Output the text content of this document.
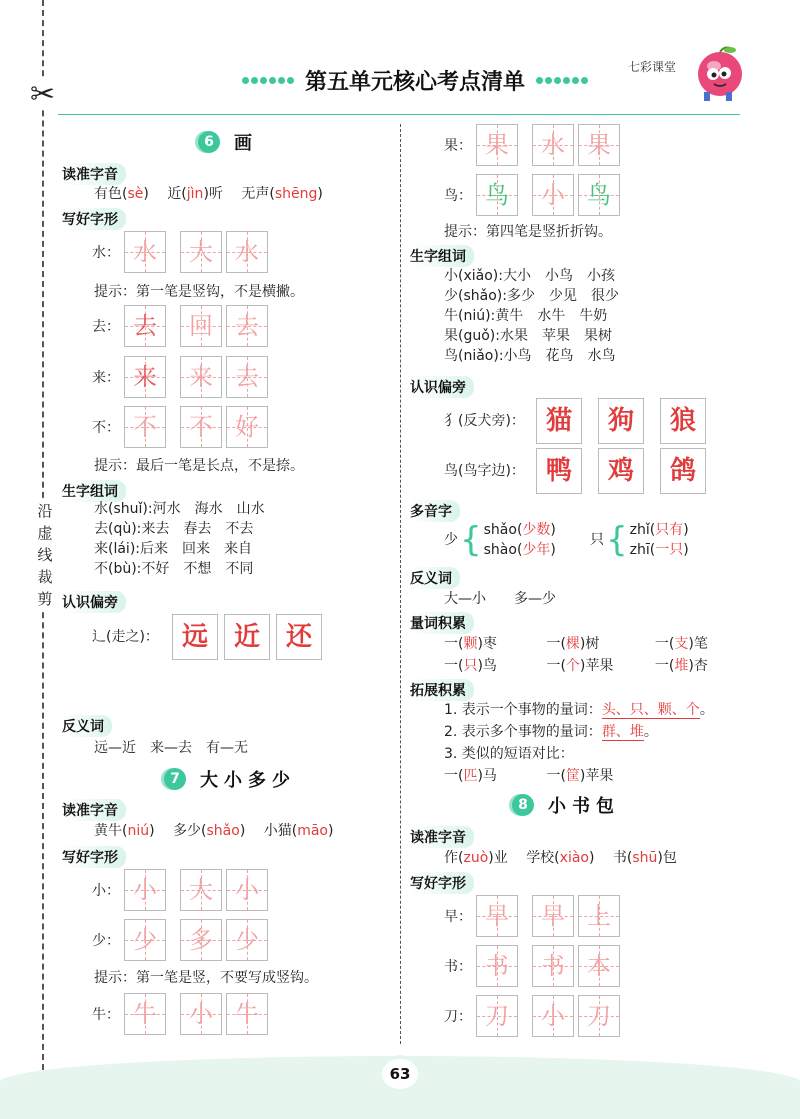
✂
沿
虚
线
裁
剪
第五单元核心考点清单
七彩课堂
6	画
读准字音
有色(sè)　 近(jìn)听　 无声(shēng)
写好字形
水： 水	大 水
提示：第一笔是竖钩，不是横撇。
去： 去	回 去
来： 来	来 去
不： 不	不 好
提示：最后一笔是长点，不是捺。
生字组词
水(shuǐ):河水　海水　山水
去(qù):来去　春去　不去
来(lái):后来　回来　来自
不(bù):不好　不想　不同
认识偏旁
辶(走之)： 远 近 还
反义词
远—近　来—去　有—无
7	大小多少
读准字音
黄牛(niú)　 多少(shǎo)　 小猫(māo)
写好字形
小： 小	大 小
少： 少	多 少
提示：第一笔是竖，不要写成竖钩。
牛： 牛	小 牛
果： 果	水 果
鸟： 鸟	小 鸟
提示：第四笔是竖折折钩。
生字组词
小(xiǎo):大小　小鸟　小孩
少(shǎo):多少　少见　很少
牛(niú):黄牛　水牛　牛奶
果(guǒ):水果　苹果　果树
鸟(niǎo):小鸟　花鸟　水鸟
认识偏旁
犭(反犬旁)： 猫	狗	狼
鸟(鸟字边)： 鸭	鸡	鸽
多音字
少 { shǎo(少数)
shào(少年)
只 { zhǐ(只有)
zhī(一只)
反义词
大—小　　多—少
量词积累
一(颗)枣	一(棵)树	一(支)笔
一(只)鸟	一(个)苹果	一(堆)杏
拓展积累
1. 表示一个事物的量词：头、只、颗、个。
2. 表示多个事物的量词：群、堆。
3. 类似的短语对比：
一(匹)马	一(筐)苹果
8	小书包
读准字音
作(zuò)业　 学校(xiào)　 书(shū)包
写好字形
早： 早	早 上
书： 书	书 本
刀： 刀	小 刀
63
